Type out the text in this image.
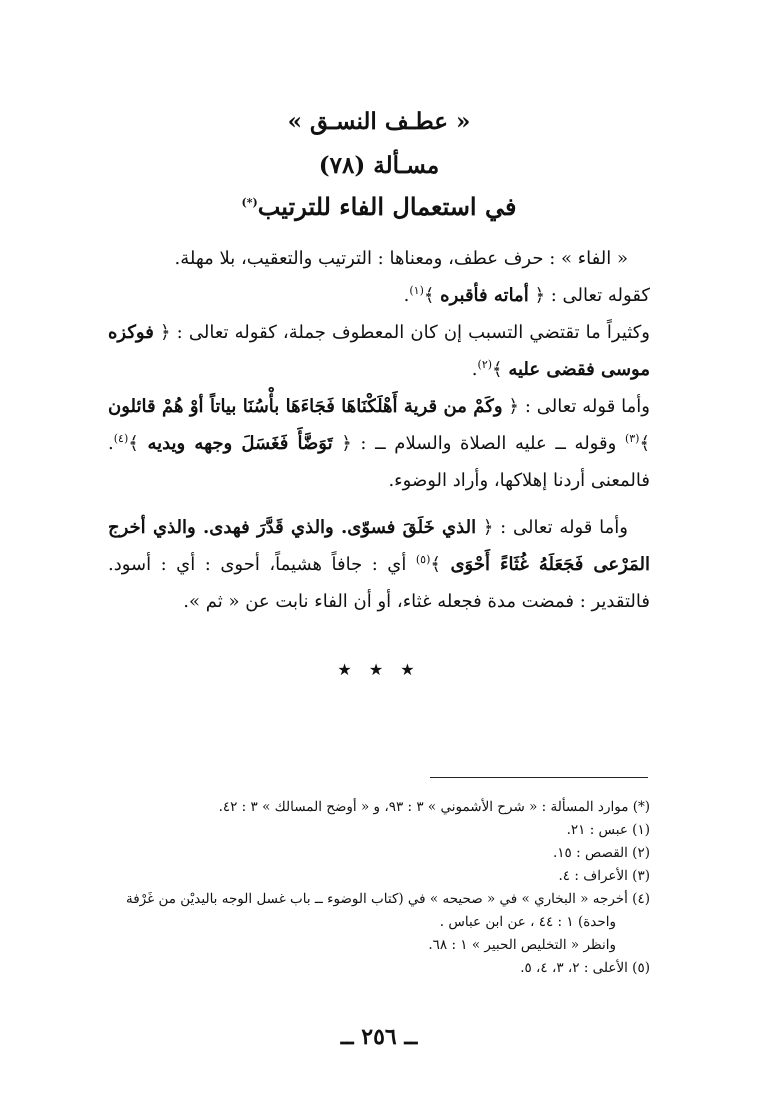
« عطـف النسـق »
مسـألة (٧٨)
في استعمال الفاء للترتيب(*)

« الفاء » : حرف عطف، ومعناها : الترتيب والتعقيب، بلا مهلة.

كقوله تعالى : ﴿ أماته فأقبره ﴾$^{(١)}$.

وكثيراً ما تقتضي التسبب إن كان المعطوف جملة، كقوله تعالى : ﴿ فوكزه موسى فقضى عليه ﴾$^{(٢)}$.

وأما قوله تعالى : ﴿ وكَمْ من قرية أَهْلَكْنَاهَا فَجَاءَهَا بأْسُنَا بياتاً أوْ هُمْ قائلون ﴾$^{(٣)}$ وقوله ــ عليه الصلاة والسلام ــ : ﴿ تَوَضَّأَ فَغَسَلَ وجهه ويديه ﴾$^{(٤)}$. فالمعنى أردنا إهلاكها، وأراد الوضوء.

وأما قوله تعالى : ﴿ الذي خَلَقَ فسوّى. والذي قَدَّرَ فهدى. والذي أخرج المَرْعى فَجَعَلَهُ غُثَاءً أَحْوَى ﴾$^{(٥)}$ أي : جافاً هشيماً، أحوى : أي : أسود. فالتقدير : فمضت مدة فجعله غثاء، أو أن الفاء نابت عن « ثم ».

★ ★ ★
(*) موارد المسألة : « شرح الأشموني » ٣ : ٩٣، و « أوضح المسالك » ٣ : ٤٢.
(١) عبس : ٢١.
(٢) القصص : ١٥.
(٣) الأعراف : ٤.
(٤) أخرجه « البخاري » في « صحيحه » في (كتاب الوضوء ــ باب غسل الوجه باليديْن من غَرْفة
واحدة) ١ : ٤٤ ، عن ابن عباس .
وانظر « التخليص الحبير » ١ : ٦٨.
(٥) الأعلى : ٢، ٣، ٤، ٥.
ــ ٢٥٦ ــ
